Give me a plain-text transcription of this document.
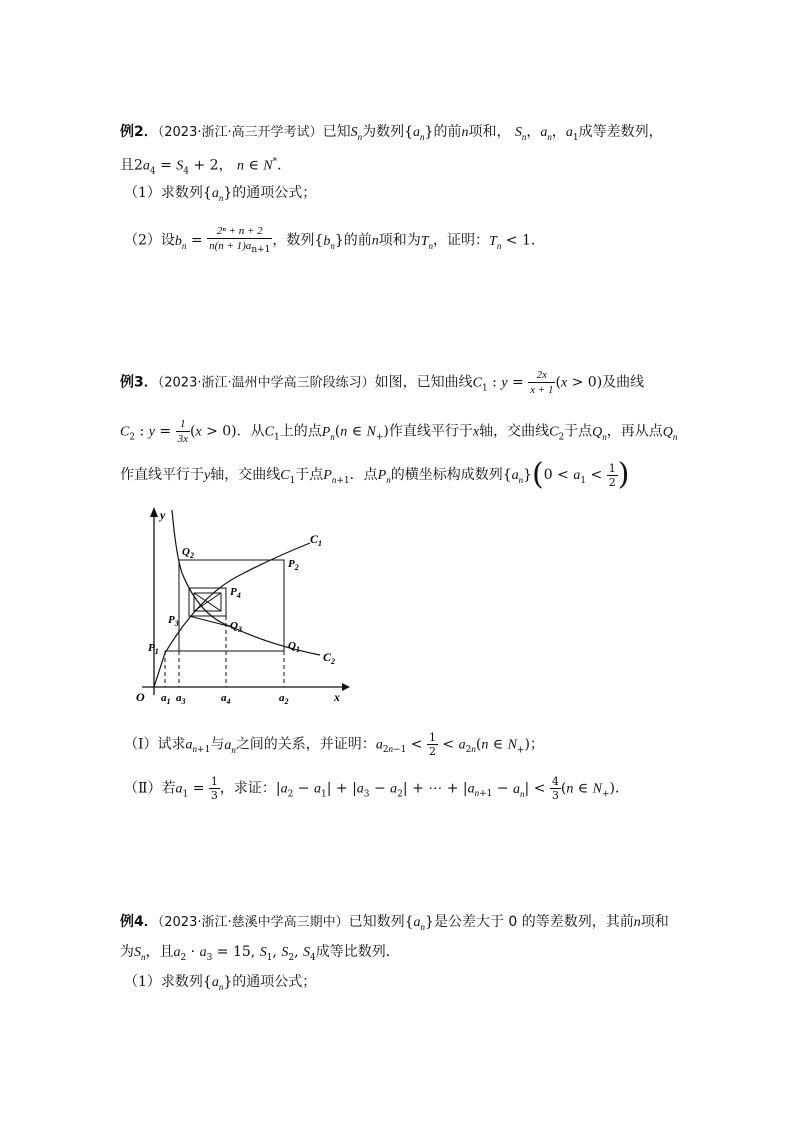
例2．（2023·浙江·高三开学考试）已知$S_n$为数列$\{a_n\}$的前n项和， $S_n$，$a_n$，$a_1$成等差数列，
且$2a_4 = S_4 + 2$， n ∈ N*．
（1）求数列$\{a_n\}$的通项公式；
（2）设$b_n = \frac{\text{2ⁿ + n + 2}}{n(n + 1)a_{n+1}}$ ，数列$\{b_n\}$的前n项和为$T_n$，证明：$T_n < 1$．
例3．（2023·浙江·温州中学高三阶段练习）如图，已知曲线$C_1$ : $y = \frac{2x}{x + 1} (x > 0)$及曲线
$C_2$ : $y = \frac{1}{3x} (x > 0)$．从$C_1$上的点$P_n(n$ ∈ $N_+$)作直线平行于x轴，交曲线$C_2$于点$Q_n$，再从点$Q_n$
作直线平行于y轴，交曲线$C_1$于点$P_{n+1}$．点$P_n$的横坐标构成数列$\{a_n\}(0 < a_1 < \frac{1}{2}$ )
y
x
O
$C_1$
$C_2$
$Q_2$
$P_2$
$P_4$
$P_3$	$Q_3$
$P_1$	$Q_1$
$a_1$ $a_3$	$a_4$	$a_2$
（Ⅰ）试求$a_{n+1}$与$a_n$之间的关系，并证明：$a_{2n-1} < \frac{1}{2} < a_{2n}(n$ ∈ $N_+$)；
（Ⅱ）若$a_1 = \frac{1}{3}$ ，求证：$|a_2 - a_1| + |a_3 - a_2|$ + ⋯ + $|a_{n+1} - a_n| < \frac{4}{3} (n$ ∈ $N_+$)．
例4．（2023·浙江·慈溪中学高三期中）已知数列$\{a_n\}$是公差大于 0 的等差数列，其前n项和
为$S_n$，且$a_2 \cdot a_3 = 15$, $S_1$, $S_2$, $S_4$成等比数列．
（1）求数列$\{a_n\}$的通项公式；
